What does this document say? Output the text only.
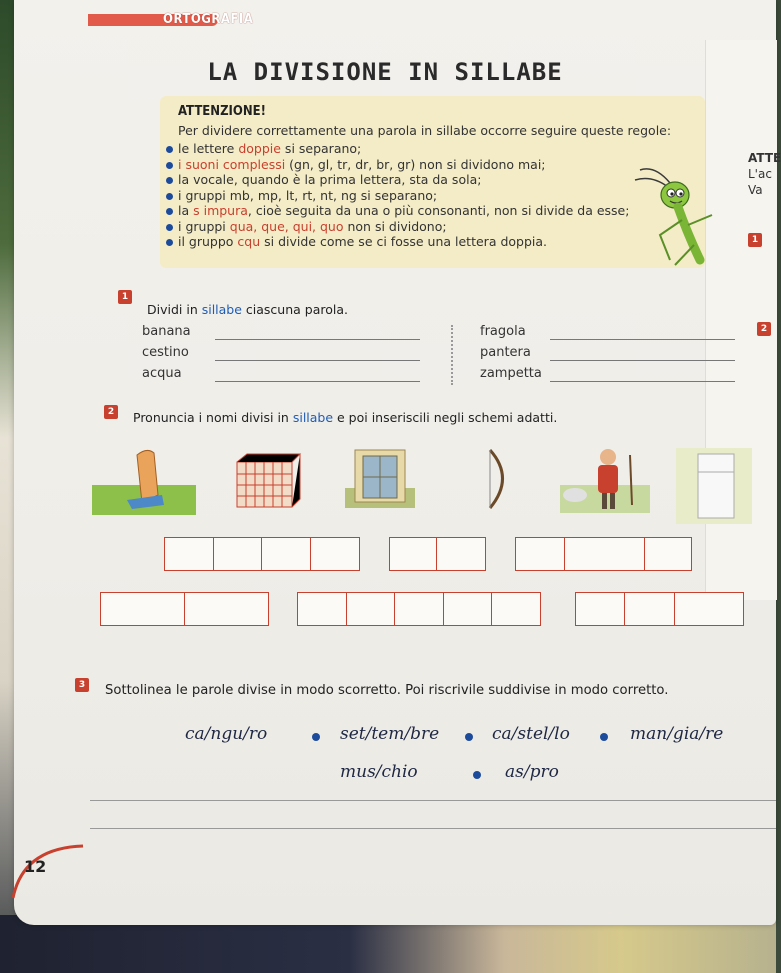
ATTE
L'ac
Va
1
2
ORTOGRAFIA
LA DIVISIONE IN SILLABE
ATTENZIONE!
Per dividere correttamente una parola in sillabe occorre seguire queste regole:
le lettere doppie si separano;
i suoni complessi (gn, gl, tr, dr, br, gr) non si dividono mai;
la vocale, quando è la prima lettera, sta da sola;
i gruppi mb, mp, lt, rt, nt, ng si separano;
la s impura, cioè seguita da una o più consonanti, non si divide da esse;
i gruppi qua, que, qui, quo non si dividono;
il gruppo cqu si divide come se ci fosse una lettera doppia.
1
Dividi in sillabe ciascuna parola.
banana
cestino
acqua
fragola
pantera
zampetta
2	Pronuncia i nomi divisi in sillabe e poi inseriscili negli schemi adatti.
3 Sottolinea le parole divise in modo scorretto. Poi riscrivile suddivise in modo corretto.
ca/ngu/ro	set/tem/bre	ca/stel/lo	man/gia/re
mus/chio	as/pro
12
